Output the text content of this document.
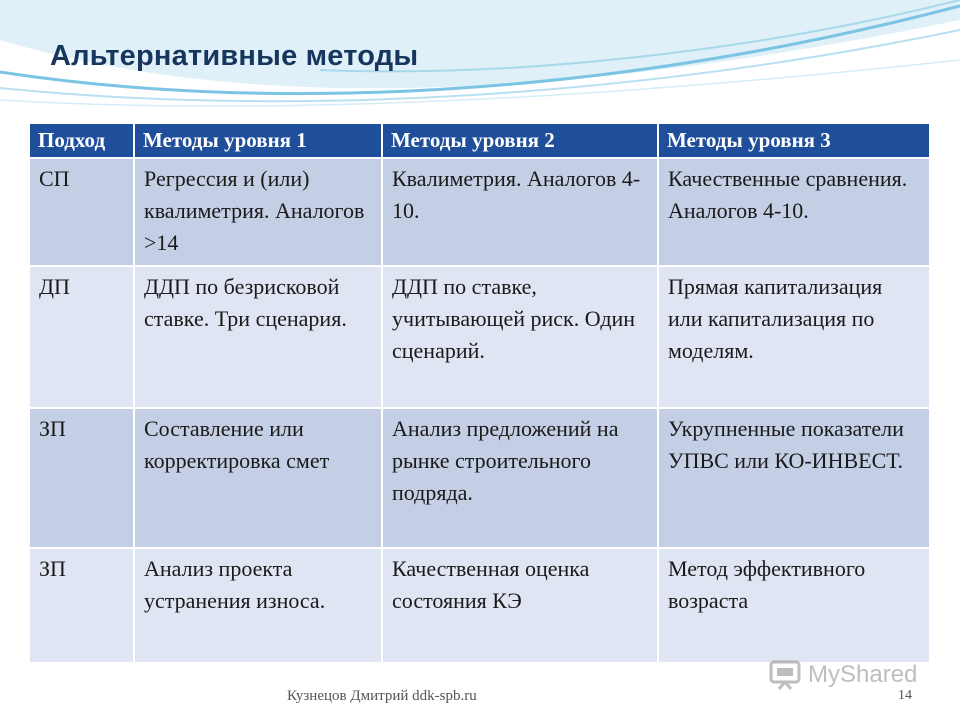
Альтернативные методы
Подход	Методы уровня 1	Методы уровня 2	Методы уровня 3
СП	Регрессия и (или) квалиметрия. Аналогов >14	Квалиметрия. Аналогов 4-10.	Качественные сравнения. Аналогов 4-10.
ДП	ДДП по безрисковой ставке. Три сценария.	ДДП по ставке, учитывающей риск. Один сценарий.	Прямая капитализация или капитализация по моделям.
ЗП	Составление или корректировка смет	Анализ предложений на рынке строительного подряда.	Укрупненные показатели УПВС или КО-ИНВЕСТ.
ЗП	Анализ проекта устранения износа.	Качественная оценка состояния КЭ	Метод эффективного возраста
Кузнецов Дмитрий ddk-spb.ru	14
MyShared
